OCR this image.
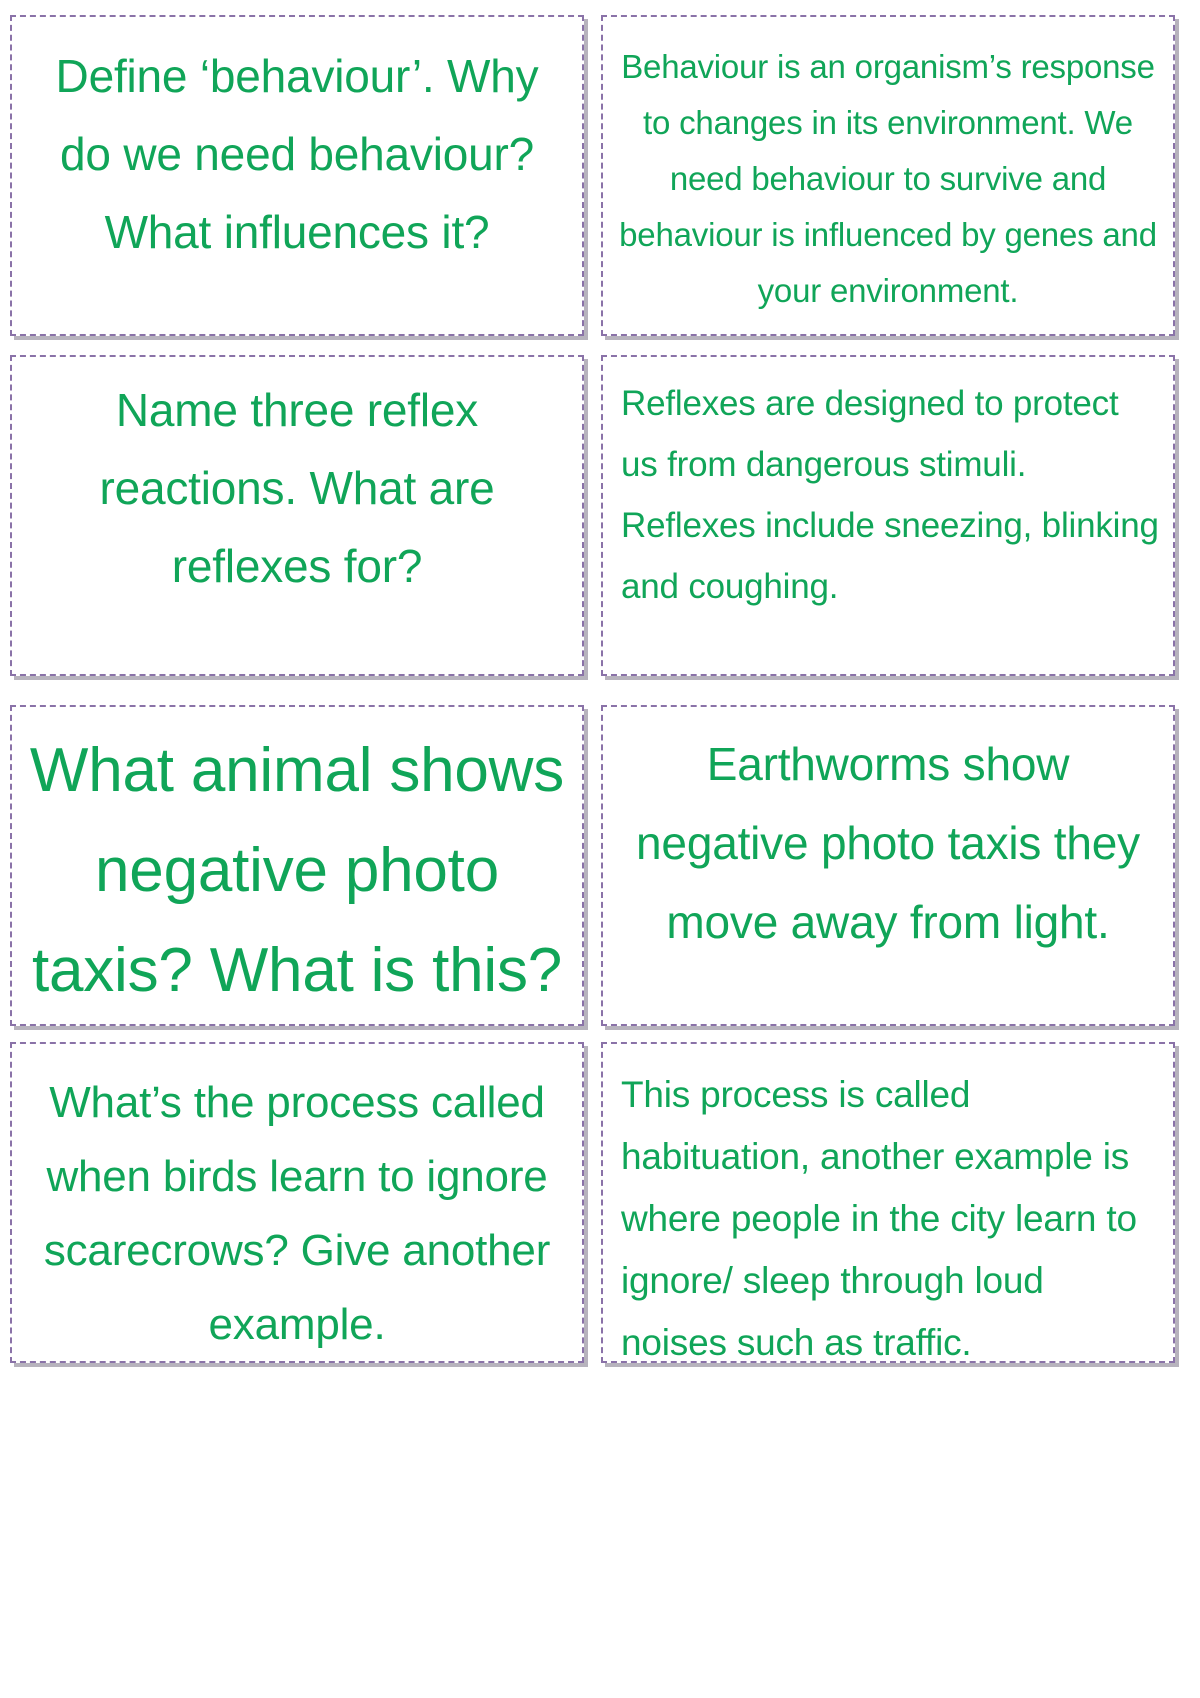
Define ‘behaviour’. Why do we need behaviour? What influences it?

Behaviour is an organism’s response to changes in its environment. We need behaviour to survive and behaviour is influenced by genes and your environment.

Name three reflex reactions. What are reflexes for?

Reflexes are designed to protect us from dangerous stimuli. Reflexes include sneezing, blinking and coughing.

What animal shows negative photo taxis? What is this?

Earthworms show negative photo taxis they move away from light.

What’s the process called when birds learn to ignore scarecrows? Give another example.

This process is called habituation, another example is where people in the city learn to ignore/ sleep through loud noises such as traffic.
